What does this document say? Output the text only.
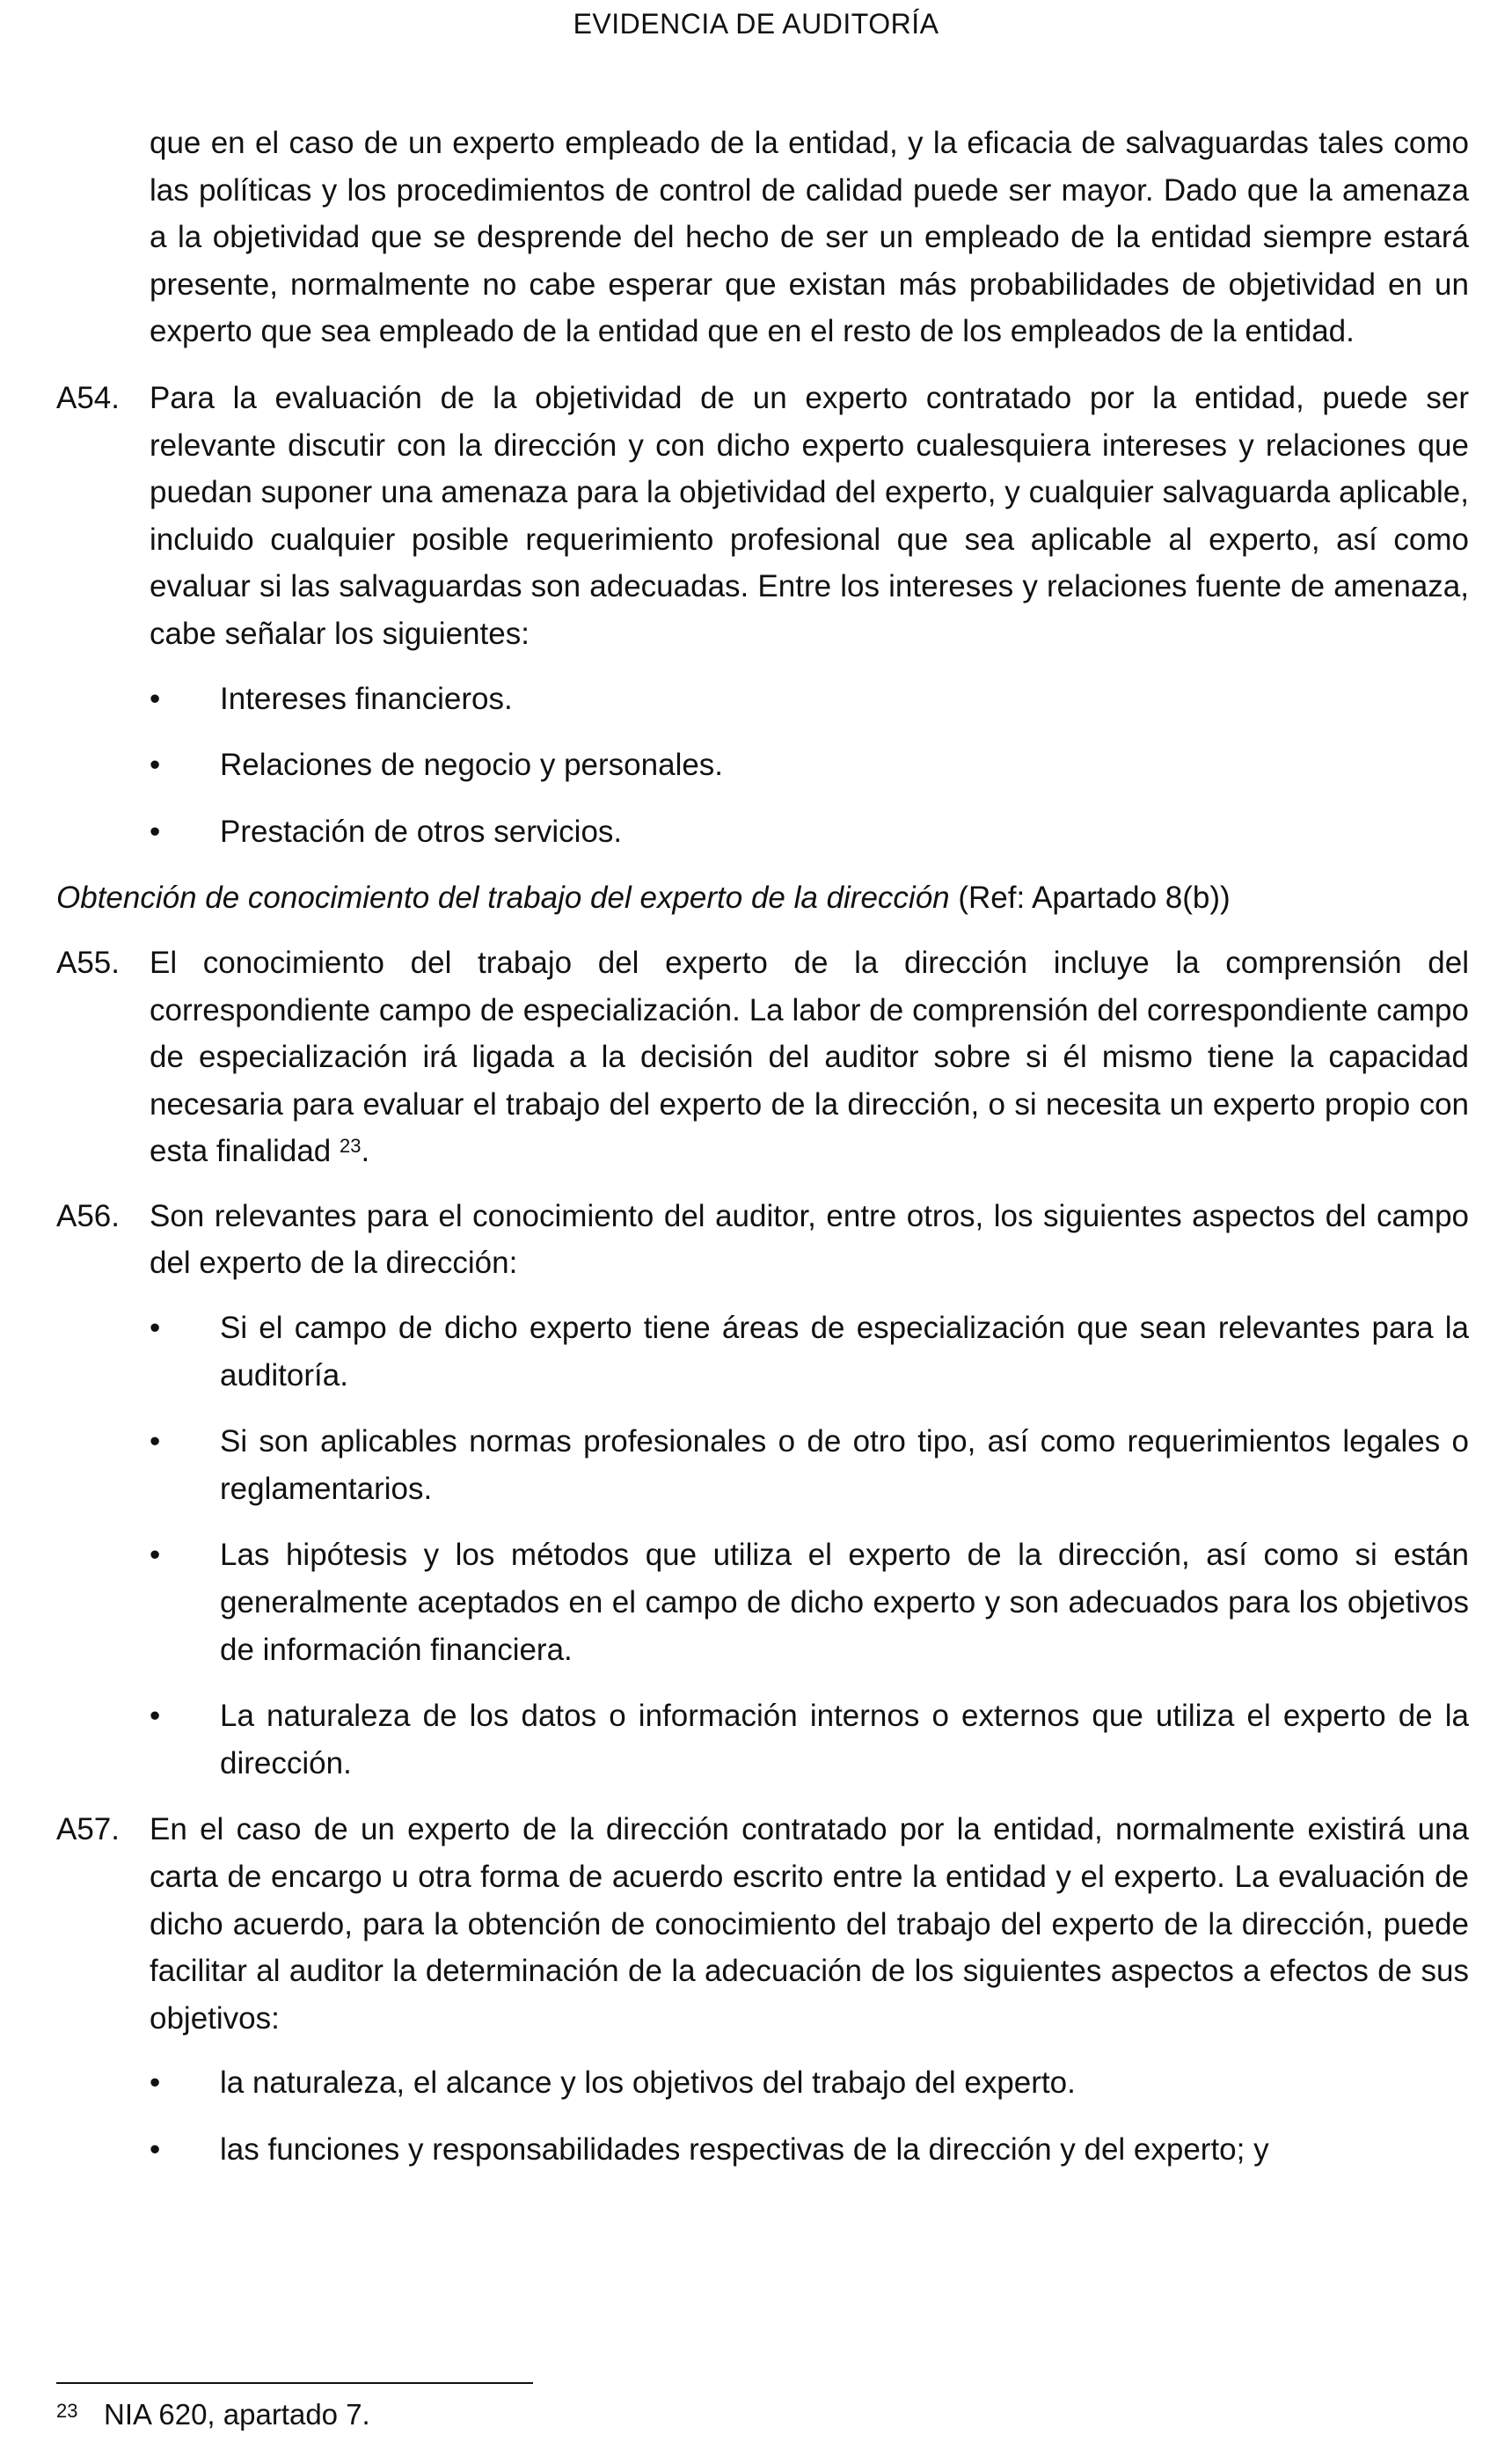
EVIDENCIA DE AUDITORÍA

que en el caso de un experto empleado de la entidad, y la eficacia de salvaguardas tales como las políticas y los procedimientos de control de calidad puede ser mayor. Dado que la amenaza a la objetividad que se desprende del hecho de ser un empleado de la entidad siempre estará presente, normalmente no cabe esperar que existan más probabilidades de objetividad en un experto que sea empleado de la entidad que en el resto de los empleados de la entidad.

A54. Para la evaluación de la objetividad de un experto contratado por la entidad, puede ser relevante discutir con la dirección y con dicho experto cualesquiera intereses y relaciones que puedan suponer una amenaza para la objetividad del experto, y cualquier salvaguarda aplicable, incluido cualquier posible requerimiento profesional que sea aplicable al experto, así como evaluar si las salvaguardas son adecuadas. Entre los intereses y relaciones fuente de amenaza, cabe señalar los siguientes:

• Intereses financieros.
• Relaciones de negocio y personales.
• Prestación de otros servicios.

Obtención de conocimiento del trabajo del experto de la dirección (Ref: Apartado 8(b))

A55. El conocimiento del trabajo del experto de la dirección incluye la comprensión del correspondiente campo de especialización. La labor de comprensión del correspondiente campo de especialización irá ligada a la decisión del auditor sobre si él mismo tiene la capacidad necesaria para evaluar el trabajo del experto de la dirección, o si necesita un experto propio con esta finalidad $^{23}$.

A56. Son relevantes para el conocimiento del auditor, entre otros, los siguientes aspectos del campo del experto de la dirección:

• Si el campo de dicho experto tiene áreas de especialización que sean relevantes para la auditoría.
• Si son aplicables normas profesionales o de otro tipo, así como requerimientos legales o reglamentarios.
• Las hipótesis y los métodos que utiliza el experto de la dirección, así como si están generalmente aceptados en el campo de dicho experto y son adecuados para los objetivos de información financiera.
• La naturaleza de los datos o información internos o externos que utiliza el experto de la dirección.

A57. En el caso de un experto de la dirección contratado por la entidad, normalmente existirá una carta de encargo u otra forma de acuerdo escrito entre la entidad y el experto. La evaluación de dicho acuerdo, para la obtención de conocimiento del trabajo del experto de la dirección, puede facilitar al auditor la determinación de la adecuación de los siguientes aspectos a efectos de sus objetivos:

• la naturaleza, el alcance y los objetivos del trabajo del experto.
• las funciones y responsabilidades respectivas de la dirección y del experto; y
23 NIA 620, apartado 7.
